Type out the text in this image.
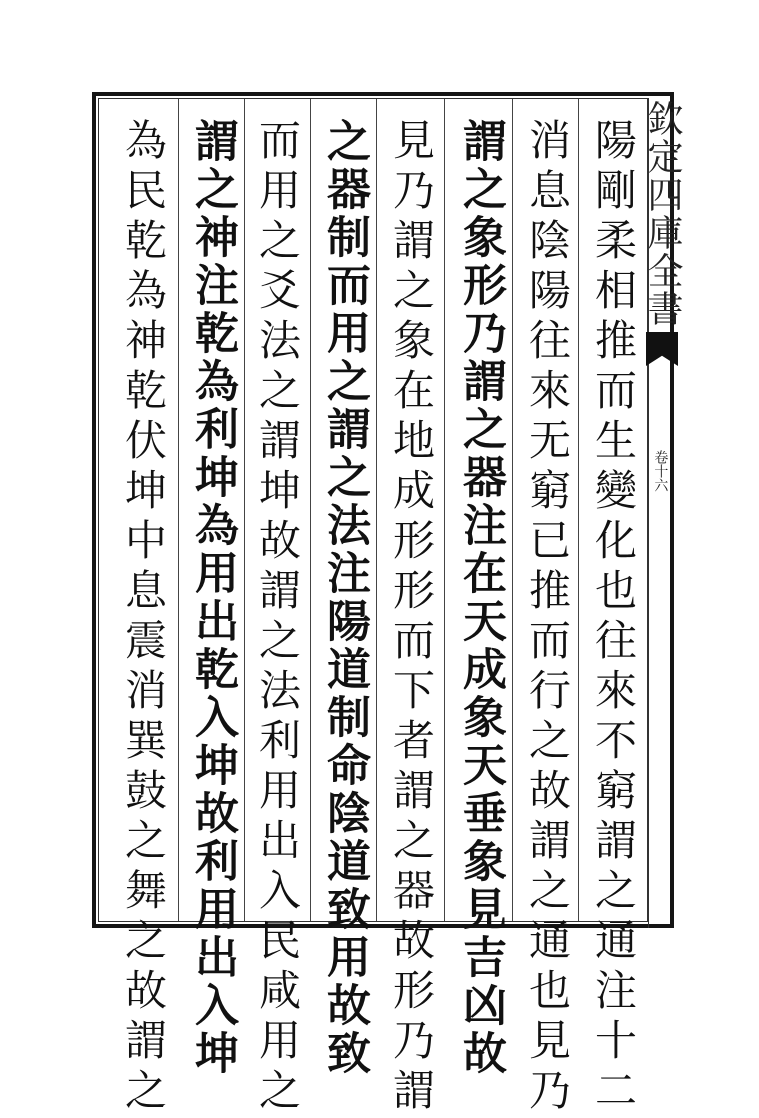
陽剛柔相推而生變化也往來不窮謂之通注十二
消息陰陽往來无窮已推而行之故謂之通也見乃
謂之象形乃謂之器注在天成象天垂象見吉凶故
見乃謂之象在地成形形而下者謂之器故形乃謂
之器制而用之謂之法注陽道制命陰道致用故致
而用之爻法之謂坤故謂之法利用出入民咸用之
謂之神注乾為利坤為用出乾入坤故利用出入坤
為民乾為神乾伏坤中息震消巽鼓之舞之故謂之	欽定四庫全書
卷十六
